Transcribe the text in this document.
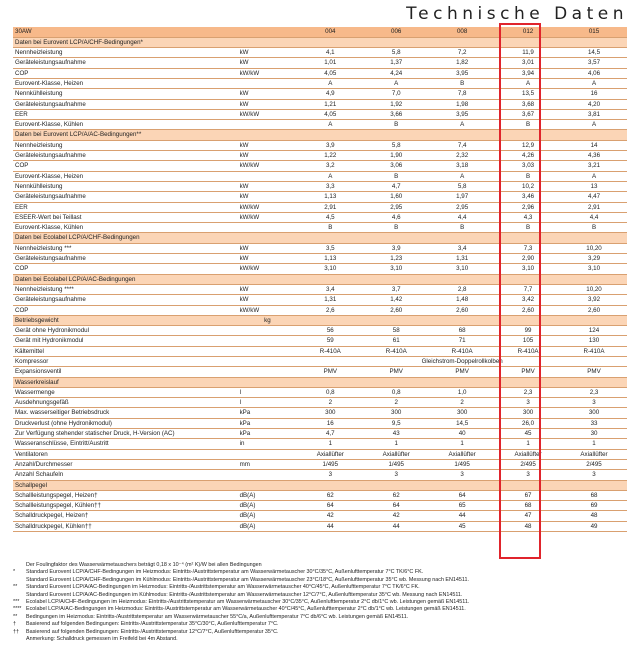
Technische Daten
30AW		004	006	008	012	015
Daten bei Eurovent LCP/A/CHF-Bedingungen*						
Nennheizleistung	kW	4,1	5,8	7,2	11,9	14,5
Geräteleistungsaufnahme	kW	1,01	1,37	1,82	3,01	3,57
COP	kW/kW	4,05	4,24	3,95	3,94	4,06
Eurovent-Klasse, Heizen		A	A	B	A	A
Nennkühlleistung	kW	4,9	7,0	7,8	13,5	16
Geräteleistungsaufnahme	kW	1,21	1,92	1,98	3,68	4,20
EER	kW/kW	4,05	3,66	3,95	3,67	3,81
Eurovent-Klasse, Kühlen		A	B	A	B	A
Daten bei Eurovent LCP/A/AC-Bedingungen**						
Nennheizleistung	kW	3,9	5,8	7,4	12,9	14
Geräteleistungsaufnahme	kW	1,22	1,90	2,32	4,26	4,36
COP	kW/kW	3,2	3,06	3,18	3,03	3,21
Eurovent-Klasse, Heizen		A	B	A	B	A
Nennkühlleistung	kW	3,3	4,7	5,8	10,2	13
Geräteleistungsaufnahme	kW	1,13	1,60	1,97	3,46	4,47
EER	kW/kW	2,91	2,95	2,95	2,96	2,91
ESEER-Wert bei Teillast	kW/kW	4,5	4,6	4,4	4,3	4,4
Eurovent-Klasse, Kühlen		B	B	B	B	B
Daten bei Ecolabel LCP/A/CHF-Bedingungen						
Nennheizleistung ***	kW	3,5	3,9	3,4	7,3	10,20
Geräteleistungsaufnahme	kW	1,13	1,23	1,31	2,90	3,29
COP	kW/kW	3,10	3,10	3,10	3,10	3,10
Daten bei Ecolabel LCP/A/AC-Bedingungen						
Nennheizleistung ****	kW	3,4	3,7	2,8	7,7	10,20
Geräteleistungsaufnahme	kW	1,31	1,42	1,48	3,42	3,92
COP	kW/kW	2,6	2,60	2,60	2,60	2,60
Betriebsgewicht	kg					
Gerät ohne Hydronikmodul		56	58	68	99	124
Gerät mit Hydronikmodul		59	61	71	105	130
Kältemittel		R-410A	R-410A	R-410A	R-410A	R-410A
Kompressor		Gleichstrom-Doppelrollkolben				
Expansionsventil		PMV	PMV	PMV	PMV	PMV
Wasserkreislauf						
Wassermenge	l	0,8	0,8	1,0	2,3	2,3
Ausdehnungsgefäß	l	2	2	2	3	3
Max. wasserseitiger Betriebsdruck	kPa	300	300	300	300	300
Druckverlust (ohne Hydronikmodul)	kPa	16	9,5	14,5	26,0	33
Zur Verfügung stehender statischer Druck, H-Version (AC)	kPa	4,7	43	40	45	30
Wasseranschlüsse, Eintritt/Austritt	in	1	1	1	1	1
Ventilatoren		Axiallüfter	Axiallüfter	Axiallüfter	Axiallüfter	Axiallüfter
Anzahl/Durchmesser	mm	1/495	1/495	1/495	2/495	2/495
Anzahl Schaufeln		3	3	3	3	3
Schallpegel						
Schallleistungspegel, Heizen†	dB(A)	62	62	64	67	68
Schallleistungspegel, Kühlen††	dB(A)	64	64	65	68	69
Schalldruckpegel, Heizen†	dB(A)	42	42	44	47	48
Schalldruckpegel, Kühlen††	dB(A)	44	44	45	48	49
Der Foulingfaktor des Wasserwärmetauschers beträgt 0,18 x 10⁻⁴ (m² K)/W bei allen Bedingungen
*	Standard Eurovent LCP/A/CHF-Bedingungen im Heizmodus: Eintritts-/Austrittstemperatur am Wasserwärmetauscher 30°C/35°C, Außenlufttemperatur 7°C TK/6°C FK.
Standard Eurovent LCP/A/CHF-Bedingungen im Kühlmodus: Eintritts-/Austrittstemperatur am Wasserwärmetauscher 23°C/18°C, Außenlufttemperatur 35°C wb. Messung nach EN14511.
**	Standard Eurovent LCP/A/AC-Bedingungen im Heizmodus: Eintritts-/Austrittstemperatur am Wasserwärmetauscher 40°C/45°C, Außenlufttemperatur 7°C TK/6°C FK.
Standard Eurovent LCP/A/AC-Bedingungen im Kühlmodus: Eintritts-/Austrittstemperatur am Wasserwärmetauscher 12°C/7°C, Außenlufttemperatur 35°C wb. Messung nach EN14511.
***	Ecolabel LCP/A/CHF-Bedingungen im Heizmodus: Eintritts-/Austrittstemperatur am Wasserwärmetauscher 30°C/35°C, Außenlufttemperatur 2°C db/1°C wb. Leistungen gemäß EN14511.
**** Ecolabel LCP/A/AC-Bedingungen im Heizmodus: Eintritts-/Austrittstemperatur am Wasserwärmetauscher 40°C/45°C, Außenlufttemperatur 2°C db/1°C wb. Leistungen gemäß EN14511.
**	Bedingungen im Heizmodus: Eintritts-/Austrittstemperatur am Wasserwärmetauscher 55°C/a, Außenlufttemperatur 7°C db/6°C wb. Leistungen gemäß EN14511.
†	Basierend auf folgenden Bedingungen: Eintritts-/Austrittstemperatur 35°C/30°C, Außenlufttemperatur 7°C.
††	Basierend auf folgenden Bedingungen: Eintritts-/Austrittstemperatur 12°C/7°C, Außenlufttemperatur 35°C.
Anmerkung: Schalldruck gemessen im Freifeld bei 4m Abstand.
